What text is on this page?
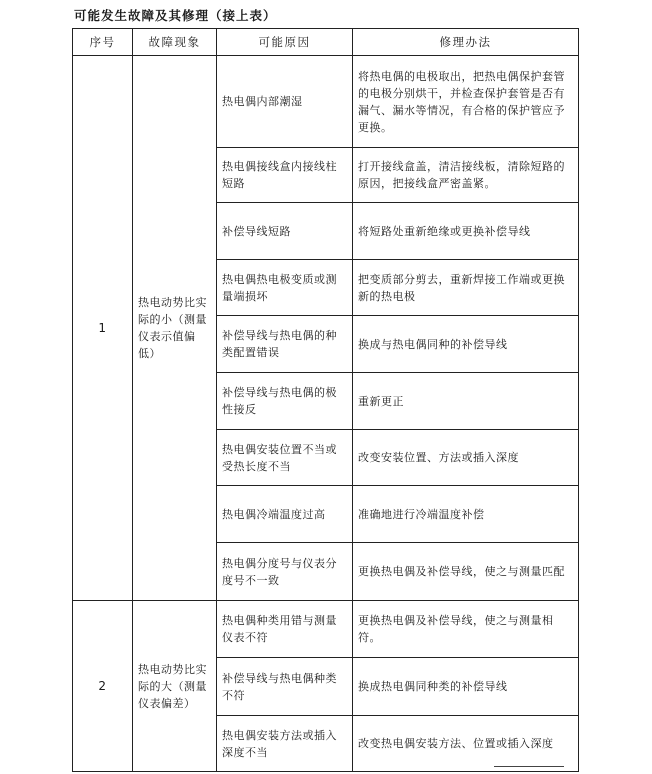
可能发生故障及其修理（接上表）
序号	故障现象	可能原因	修理办法
1	热电动势比实际的小（测量仪表示值偏低）	热电偶内部潮湿	将热电偶的电极取出，把热电偶保护套管的电极分别烘干，并检查保护套管是否有漏气、漏水等情况，有合格的保护管应予更换。
		热电偶接线盒内接线柱短路	打开接线盒盖，清洁接线板，清除短路的原因，把接线盒严密盖紧。
		补偿导线短路	将短路处重新绝缘或更换补偿导线
		热电偶热电极变质或测量端损坏	把变质部分剪去，重新焊接工作端或更换新的热电极
		补偿导线与热电偶的种类配置错误	换成与热电偶同种的补偿导线
		补偿导线与热电偶的极性接反	重新更正
		热电偶安装位置不当或受热长度不当	改变安装位置、方法或插入深度
		热电偶冷端温度过高	准确地进行冷端温度补偿
		热电偶分度号与仪表分度号不一致	更换热电偶及补偿导线，使之与测量匹配
2	热电动势比实际的大（测量仪表偏差）	热电偶种类用错与测量仪表不符	更换热电偶及补偿导线，使之与测量相符。
		补偿导线与热电偶种类不符	换成热电偶同种类的补偿导线
		热电偶安装方法或插入深度不当	改变热电偶安装方法、位置或插入深度
